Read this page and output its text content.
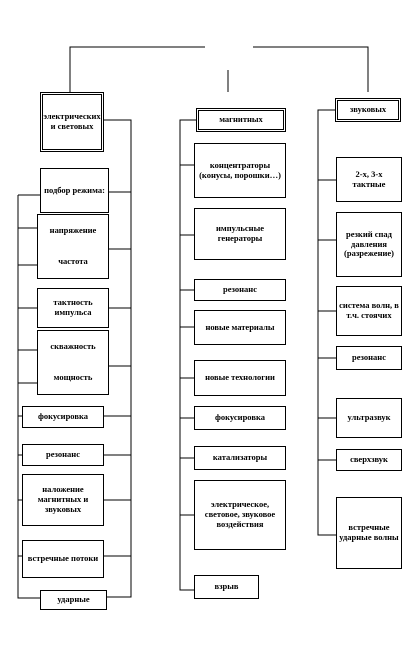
электрических и световых
подбор режима:
напряжение
частота
тактность импульса
скважность
мощность
фокусировка
резонанс
наложение магнитных и звуковых
встречные потоки
ударные
магнитных
концентраторы (конусы, порошки…)
импульсные генераторы
резонанс
новые материалы
новые технологии
фокусировка
катализаторы
электрическое, световое, звуковое воздействия
взрыв
звуковых
2-х, 3-х тактные
резкий спад давления (разрежение)
система волн, в т.ч. стоячих
резонанс
ультразвук
сверхзвук
встречные ударные волны
